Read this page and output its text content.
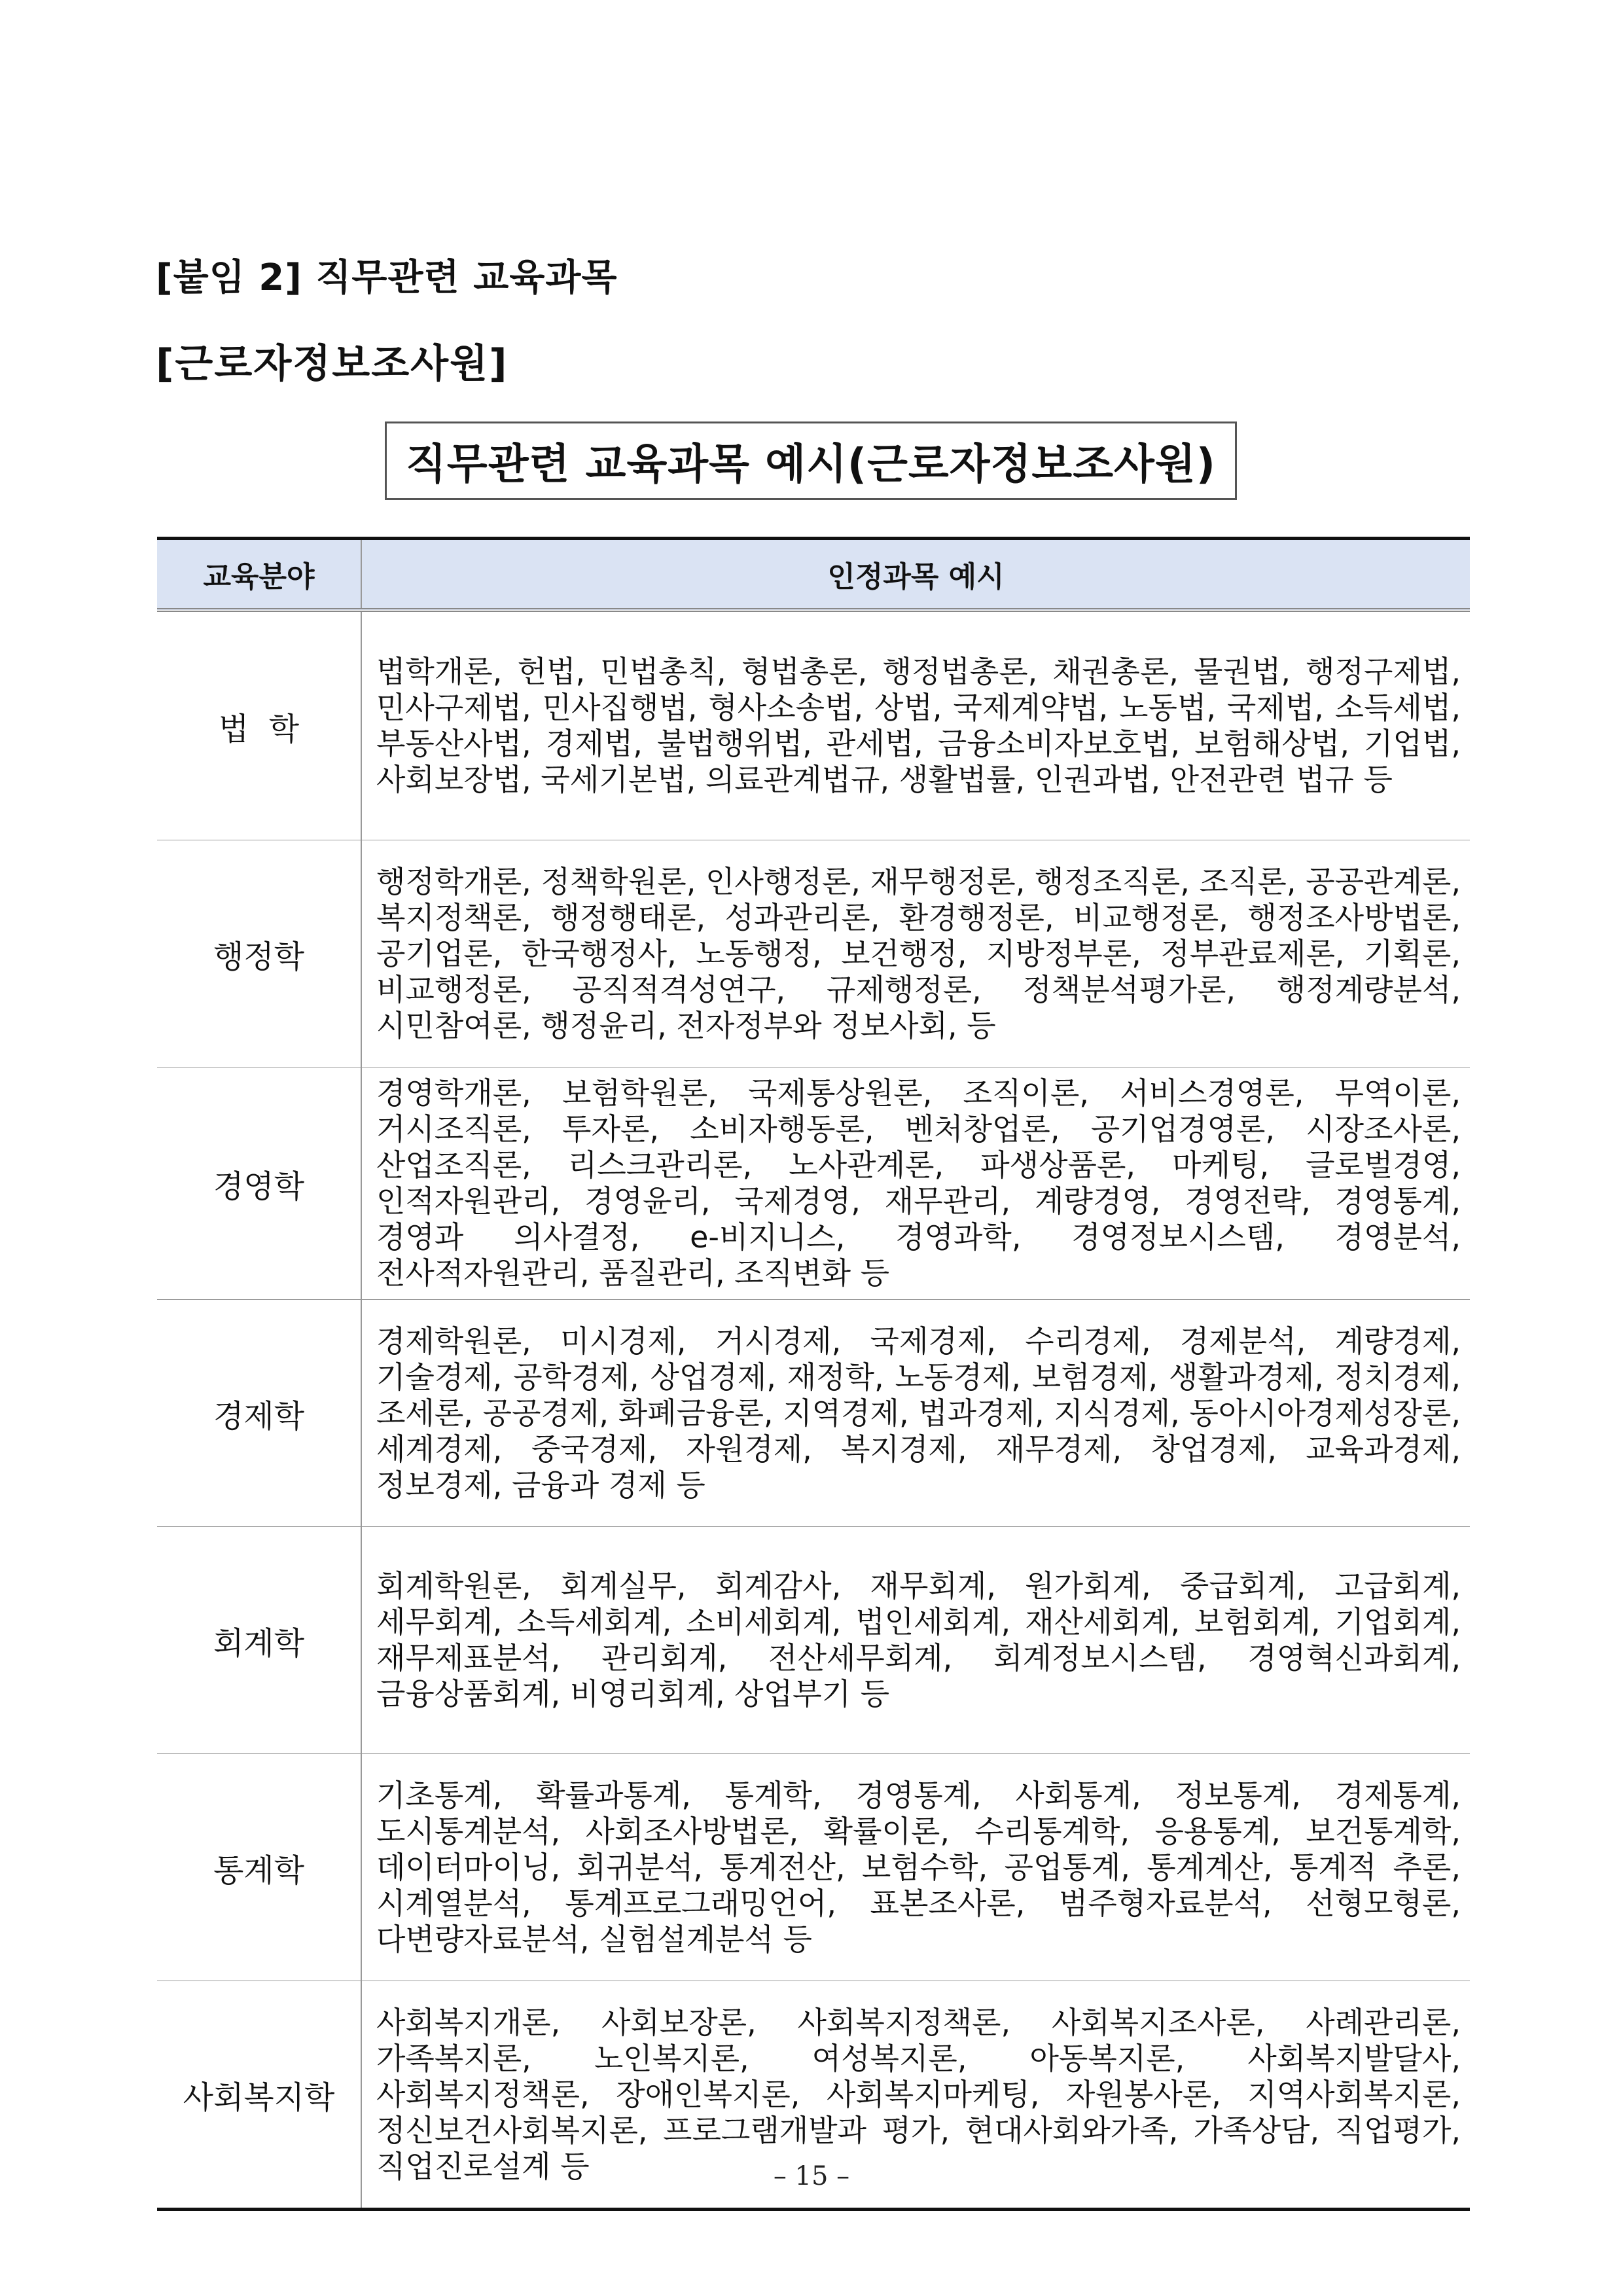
[붙임 2] 직무관련 교육과목
[근로자정보조사원]
직무관련 교육과목 예시(근로자정보조사원)
교육분야	인정과목 예시
법  학	법학개론, 헌법, 민법총칙, 형법총론, 행정법총론, 채권총론, 물권법, 행정구제법, 민사구제법, 민사집행법, 형사소송법, 상법, 국제계약법, 노동법, 국제법, 소득세법, 부동산사법, 경제법, 불법행위법, 관세법, 금융소비자보호법, 보험해상법, 기업법, 사회보장법, 국세기본법, 의료관계법규, 생활법률, 인권과법, 안전관련 법규 등
행정학	행정학개론, 정책학원론, 인사행정론, 재무행정론, 행정조직론, 조직론, 공공관계론, 복지정책론, 행정행태론, 성과관리론, 환경행정론, 비교행정론, 행정조사방법론, 공기업론, 한국행정사, 노동행정, 보건행정, 지방정부론, 정부관료제론, 기획론, 비교행정론, 공직적격성연구, 규제행정론, 정책분석평가론, 행정계량분석, 시민참여론, 행정윤리, 전자정부와 정보사회, 등
경영학	경영학개론, 보험학원론, 국제통상원론, 조직이론, 서비스경영론, 무역이론, 거시조직론, 투자론, 소비자행동론, 벤처창업론, 공기업경영론, 시장조사론, 산업조직론, 리스크관리론, 노사관계론, 파생상품론, 마케팅, 글로벌경영, 인적자원관리, 경영윤리, 국제경영, 재무관리, 계량경영, 경영전략, 경영통계, 경영과 의사결정, e-비지니스, 경영과학, 경영정보시스템, 경영분석, 전사적자원관리, 품질관리, 조직변화 등
경제학	경제학원론, 미시경제, 거시경제, 국제경제, 수리경제, 경제분석, 계량경제, 기술경제, 공학경제, 상업경제, 재정학, 노동경제, 보험경제, 생활과경제, 정치경제, 조세론, 공공경제, 화폐금융론, 지역경제, 법과경제, 지식경제, 동아시아경제성장론, 세계경제, 중국경제, 자원경제, 복지경제, 재무경제, 창업경제, 교육과경제, 정보경제, 금융과 경제 등
회계학	회계학원론, 회계실무, 회계감사, 재무회계, 원가회계, 중급회계, 고급회계, 세무회계, 소득세회계, 소비세회계, 법인세회계, 재산세회계, 보험회계, 기업회계, 재무제표분석, 관리회계, 전산세무회계, 회계정보시스템, 경영혁신과회계, 금융상품회계, 비영리회계, 상업부기 등
통계학	기초통계, 확률과통계, 통계학, 경영통계, 사회통계, 정보통계, 경제통계, 도시통계분석, 사회조사방법론, 확률이론, 수리통계학, 응용통계, 보건통계학, 데이터마이닝, 회귀분석, 통계전산, 보험수학, 공업통계, 통계계산, 통계적 추론, 시계열분석, 통계프로그래밍언어, 표본조사론, 범주형자료분석, 선형모형론, 다변량자료분석, 실험설계분석 등
사회복지학	사회복지개론, 사회보장론, 사회복지정책론, 사회복지조사론, 사례관리론, 가족복지론, 노인복지론, 여성복지론, 아동복지론, 사회복지발달사, 사회복지정책론, 장애인복지론, 사회복지마케팅, 자원봉사론, 지역사회복지론, 정신보건사회복지론, 프로그램개발과 평가, 현대사회와가족, 가족상담, 직업평가, 직업진로설계 등	– 15 –
